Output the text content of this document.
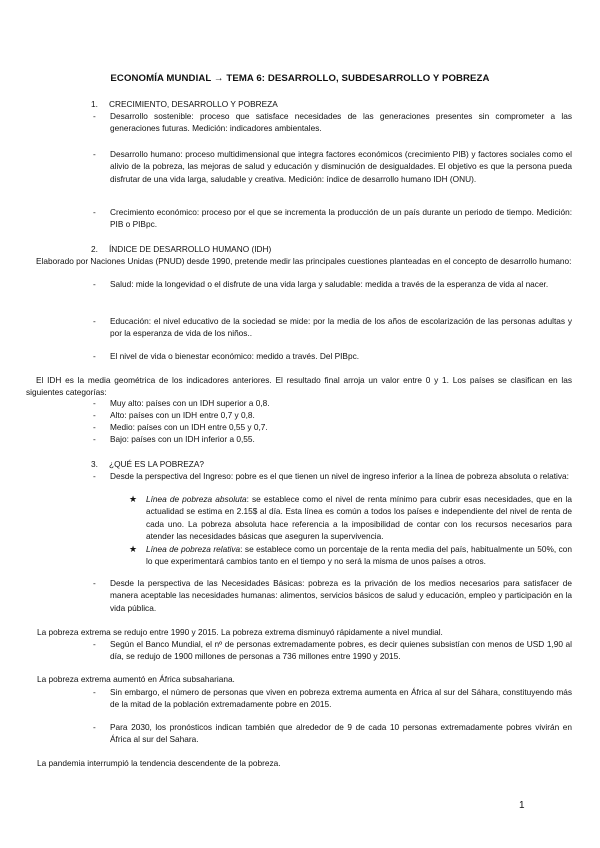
ECONOMÍA MUNDIAL → TEMA 6: DESARROLLO, SUBDESARROLLO Y POBREZA
1. CRECIMIENTO, DESARROLLO Y POBREZA
- Desarrollo sostenible: proceso que satisface necesidades de las generaciones presentes sin comprometer a las generaciones futuras. Medición: indicadores ambientales.
- Desarrollo humano: proceso multidimensional que integra factores económicos (crecimiento PIB) y factores sociales como el alivio de la pobreza, las mejoras de salud y educación y disminución de desigualdades. El objetivo es que la persona pueda disfrutar de una vida larga, saludable y creativa. Medición: índice de desarrollo humano IDH (ONU).
- Crecimiento económico: proceso por el que se incrementa la producción de un país durante un periodo de tiempo. Medición: PIB o PIBpc.
2. ÍNDICE DE DESARROLLO HUMANO (IDH)
Elaborado por Naciones Unidas (PNUD) desde 1990, pretende medir las principales cuestiones planteadas en el concepto de desarrollo humano:
- Salud: mide la longevidad o el disfrute de una vida larga y saludable: medida a través de la esperanza de vida al nacer.
- Educación: el nivel educativo de la sociedad se mide: por la media de los años de escolarización de las personas adultas y por la esperanza de vida de los niños..
- El nivel de vida o bienestar económico: medido a través. Del PIBpc.
El IDH es la media geométrica de los indicadores anteriores. El resultado final arroja un valor entre 0 y 1. Los países se clasifican en las siguientes categorías:
- Muy alto: países con un IDH superior a 0,8.
- Alto: países con un IDH entre 0,7 y 0,8.
- Medio: países con un IDH entre 0,55 y 0,7.
- Bajo: países con un IDH inferior a 0,55.
3. ¿QUÉ ES LA POBREZA?
- Desde la perspectiva del Ingreso: pobre es el que tienen un nivel de ingreso inferior a la línea de pobreza absoluta o relativa:
★ Línea de pobreza absoluta: se establece como el nivel de renta mínimo para cubrir esas necesidades, que en la actualidad se estima en 2.15$ al día. Esta línea es común a todos los países e independiente del nivel de renta de cada uno. La pobreza absoluta hace referencia a la imposibilidad de contar con los recursos necesarios para atender las necesidades básicas que aseguren la supervivencia.
★ Línea de pobreza relativa: se establece como un porcentaje de la renta media del país, habitualmente un 50%, con lo que experimentará cambios tanto en el tiempo y no será la misma de unos países a otros.
- Desde la perspectiva de las Necesidades Básicas: pobreza es la privación de los medios necesarios para satisfacer de manera aceptable las necesidades humanas: alimentos, servicios básicos de salud y educación, empleo y participación en la vida pública.
La pobreza extrema se redujo entre 1990 y 2015. La pobreza extrema disminuyó rápidamente a nivel mundial.
- Según el Banco Mundial, el nº de personas extremadamente pobres, es decir quienes subsistían con menos de USD 1,90 al día, se redujo de 1900 millones de personas a 736 millones entre 1990 y 2015.
La pobreza extrema aumentó en África subsahariana.
- Sin embargo, el número de personas que viven en pobreza extrema aumenta en África al sur del Sáhara, constituyendo más de la mitad de la población extremadamente pobre en 2015.
- Para 2030, los pronósticos indican también que alrededor de 9 de cada 10 personas extremadamente pobres vivirán en África al sur del Sahara.
La pandemia interrumpió la tendencia descendente de la pobreza.
1
